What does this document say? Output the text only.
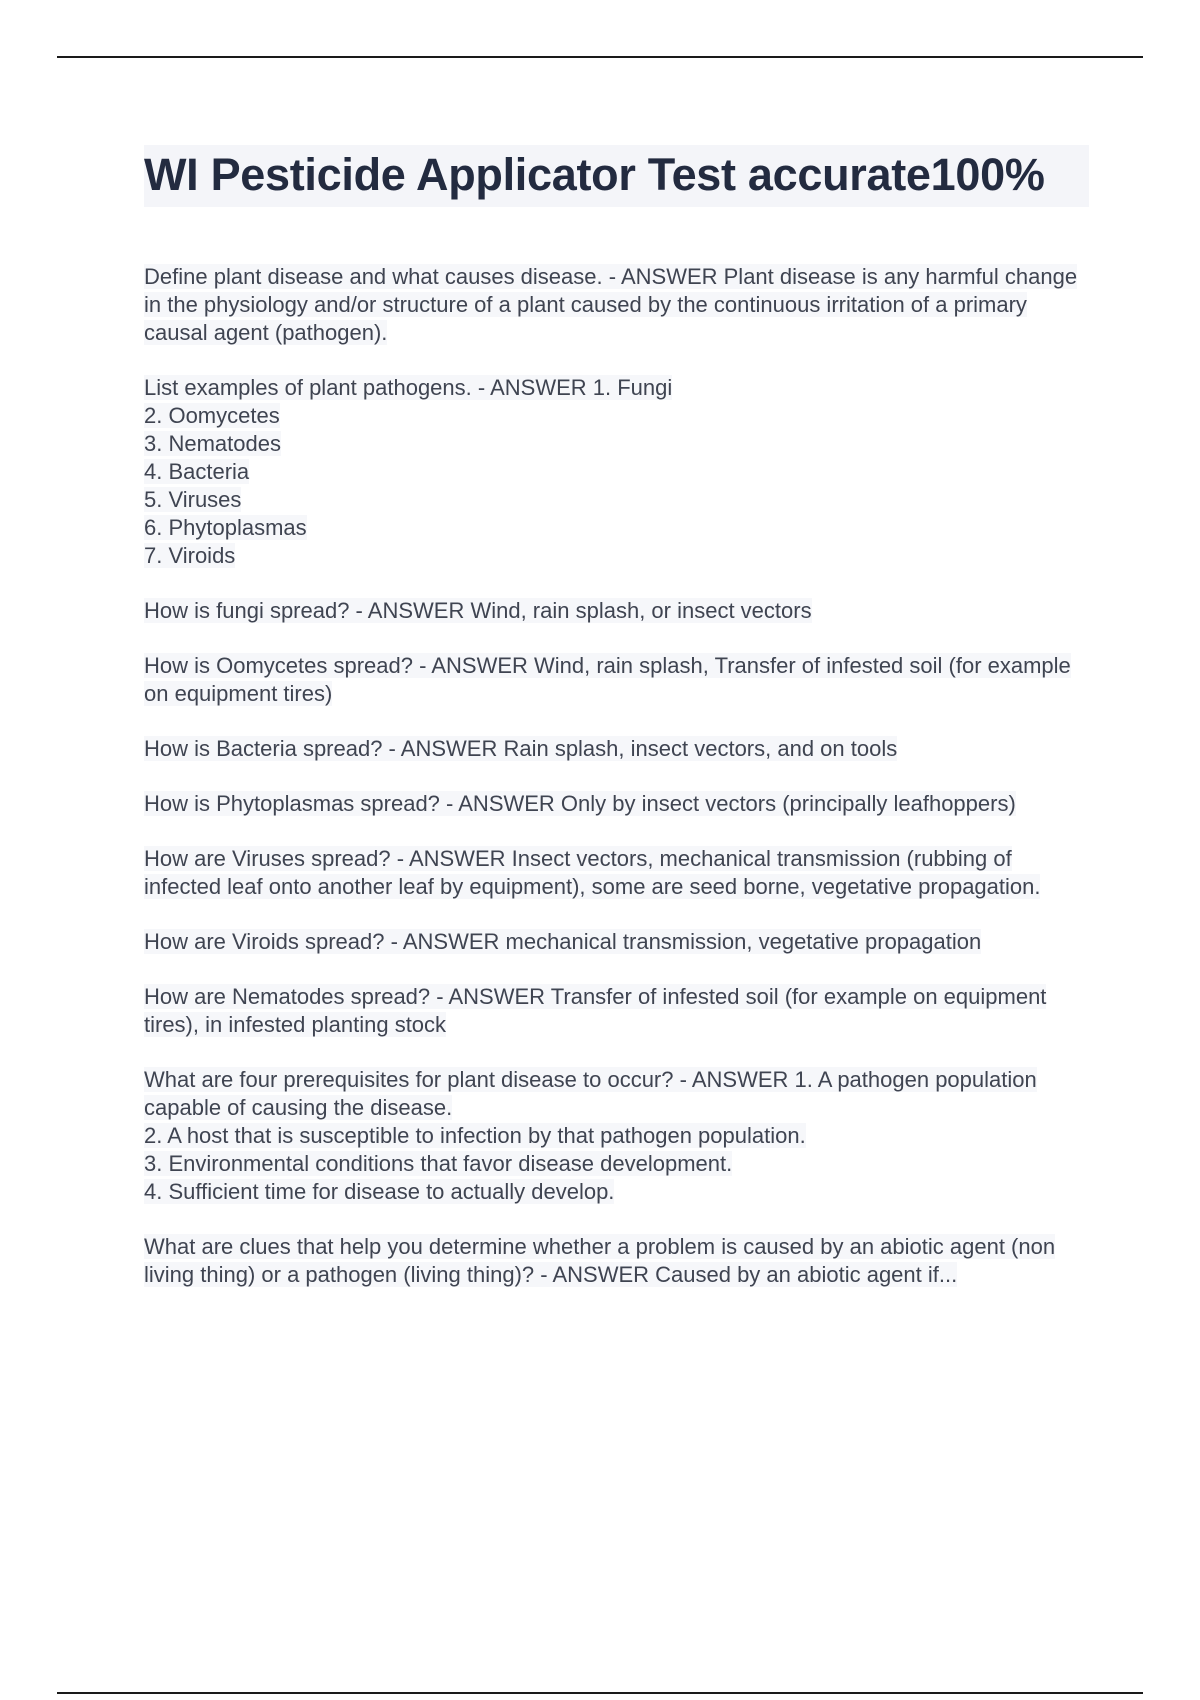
WI Pesticide Applicator Test accurate100%

Define plant disease and what causes disease. - ANSWER Plant disease is any harmful change in the physiology and/or structure of a plant caused by the continuous irritation of a primary causal agent (pathogen).

List examples of plant pathogens. - ANSWER 1. Fungi
2. Oomycetes
3. Nematodes
4. Bacteria
5. Viruses
6. Phytoplasmas
7. Viroids

How is fungi spread? - ANSWER Wind, rain splash, or insect vectors

How is Oomycetes spread? - ANSWER Wind, rain splash, Transfer of infested soil (for example on equipment tires)

How is Bacteria spread? - ANSWER Rain splash, insect vectors, and on tools

How is Phytoplasmas spread? - ANSWER Only by insect vectors (principally leafhoppers)

How are Viruses spread? - ANSWER Insect vectors, mechanical transmission (rubbing of infected leaf onto another leaf by equipment), some are seed borne, vegetative propagation.

How are Viroids spread? - ANSWER mechanical transmission, vegetative propagation

How are Nematodes spread? - ANSWER Transfer of infested soil (for example on equipment tires), in infested planting stock

What are four prerequisites for plant disease to occur? - ANSWER 1. A pathogen population capable of causing the disease.
2. A host that is susceptible to infection by that pathogen population.
3. Environmental conditions that favor disease development.
4. Sufficient time for disease to actually develop.

What are clues that help you determine whether a problem is caused by an abiotic agent (non living thing) or a pathogen (living thing)? - ANSWER Caused by an abiotic agent if...
